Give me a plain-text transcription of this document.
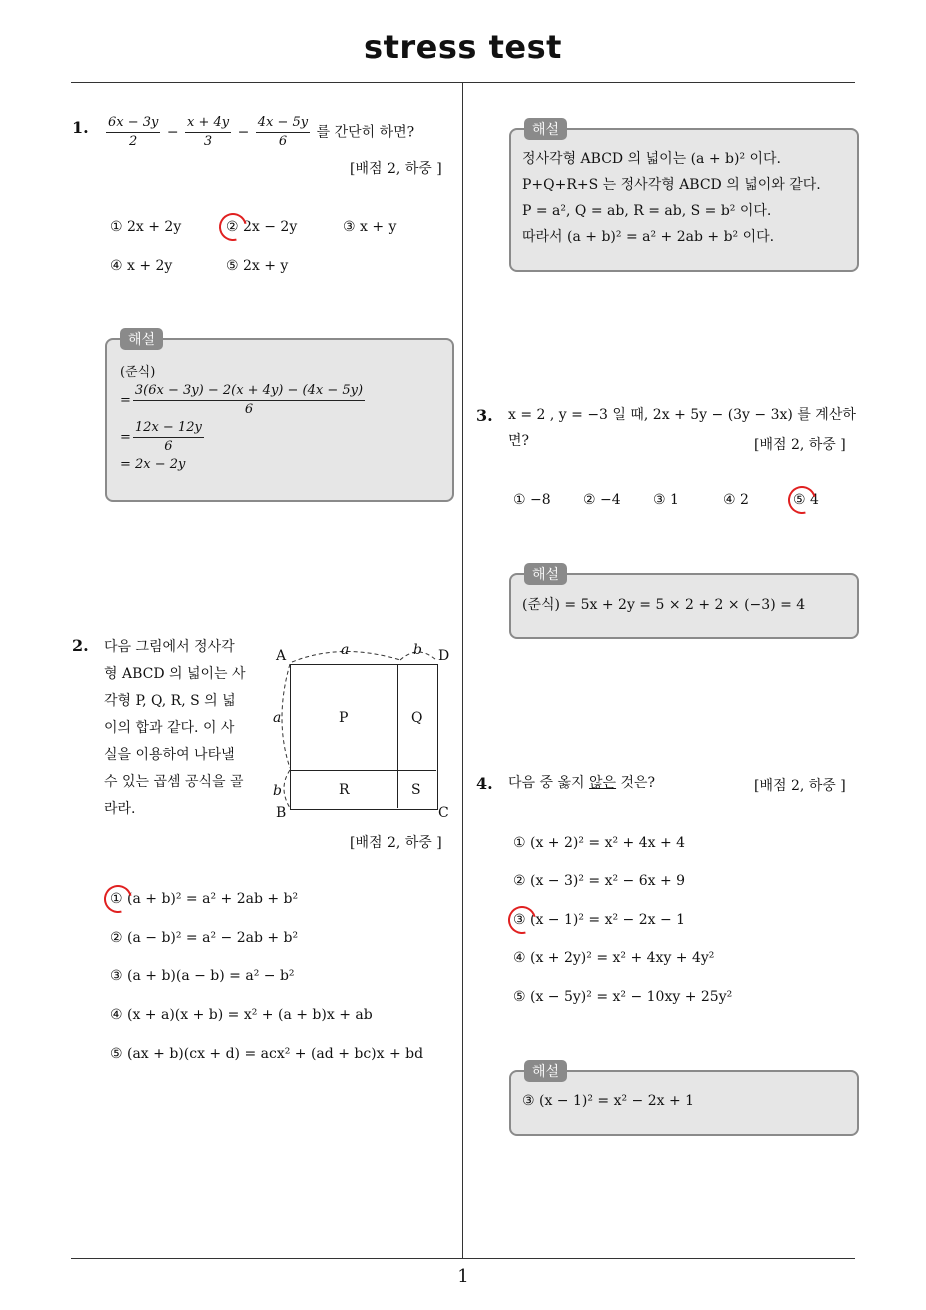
stress test
1
1. $\frac{6x - 3y}{2} - \frac{x + 4y}{3} - \frac{4x - 5y}{6}$ 를 간단히 하면?
[배점 2, 하중 ]
① 2x + 2y	② 2x − 2y	③ x + y
④ x + 2y	⑤ 2x + y
해설
(준식)
= $\frac{3(6x - 3y) - 2(x + 4y) - (4x - 5y)}{6}$
= $\frac{12x - 12y}{6}$
= 2x − 2y
2. 다음 그림에서 정사각
형 ABCD 의 넓이는 사
각형 P, Q, R, S 의 넓
이의 합과 같다. 이 사
실을 이용하여 나타낼
수 있는 곱셈 공식을 골
라라.
A	D
B	C
a	b
a
b
P	Q
R	S
[배점 2, 하중 ]
① (a + b)² = a² + 2ab + b²
② (a − b)² = a² − 2ab + b²
③ (a + b)(a − b) = a² − b²
④ (x + a)(x + b) = x² + (a + b)x + ab
⑤ (ax + b)(cx + d) = acx² + (ad + bc)x + bd
해설
정사각형 ABCD 의 넓이는 (a + b)² 이다.
P+Q+R+S 는 정사각형 ABCD 의 넓이와 같다.
P = a², Q = ab, R = ab, S = b² 이다.
따라서 (a + b)² = a² + 2ab + b² 이다.
3. x = 2 , y = −3 일 때, 2x + 5y − (3y − 3x) 를 계산하
면?	[배점 2, 하중 ]
① −8 ② −4 ③ 1	④ 2	⑤ 4
해설
(준식) = 5x + 2y = 5 × 2 + 2 × (−3) = 4
4. 다음 중 옳지 않은 것은?	[배점 2, 하중 ]
① (x + 2)² = x² + 4x + 4
② (x − 3)² = x² − 6x + 9
③ (x − 1)² = x² − 2x − 1
④ (x + 2y)² = x² + 4xy + 4y²
⑤ (x − 5y)² = x² − 10xy + 25y²
해설
③ (x − 1)² = x² − 2x + 1
